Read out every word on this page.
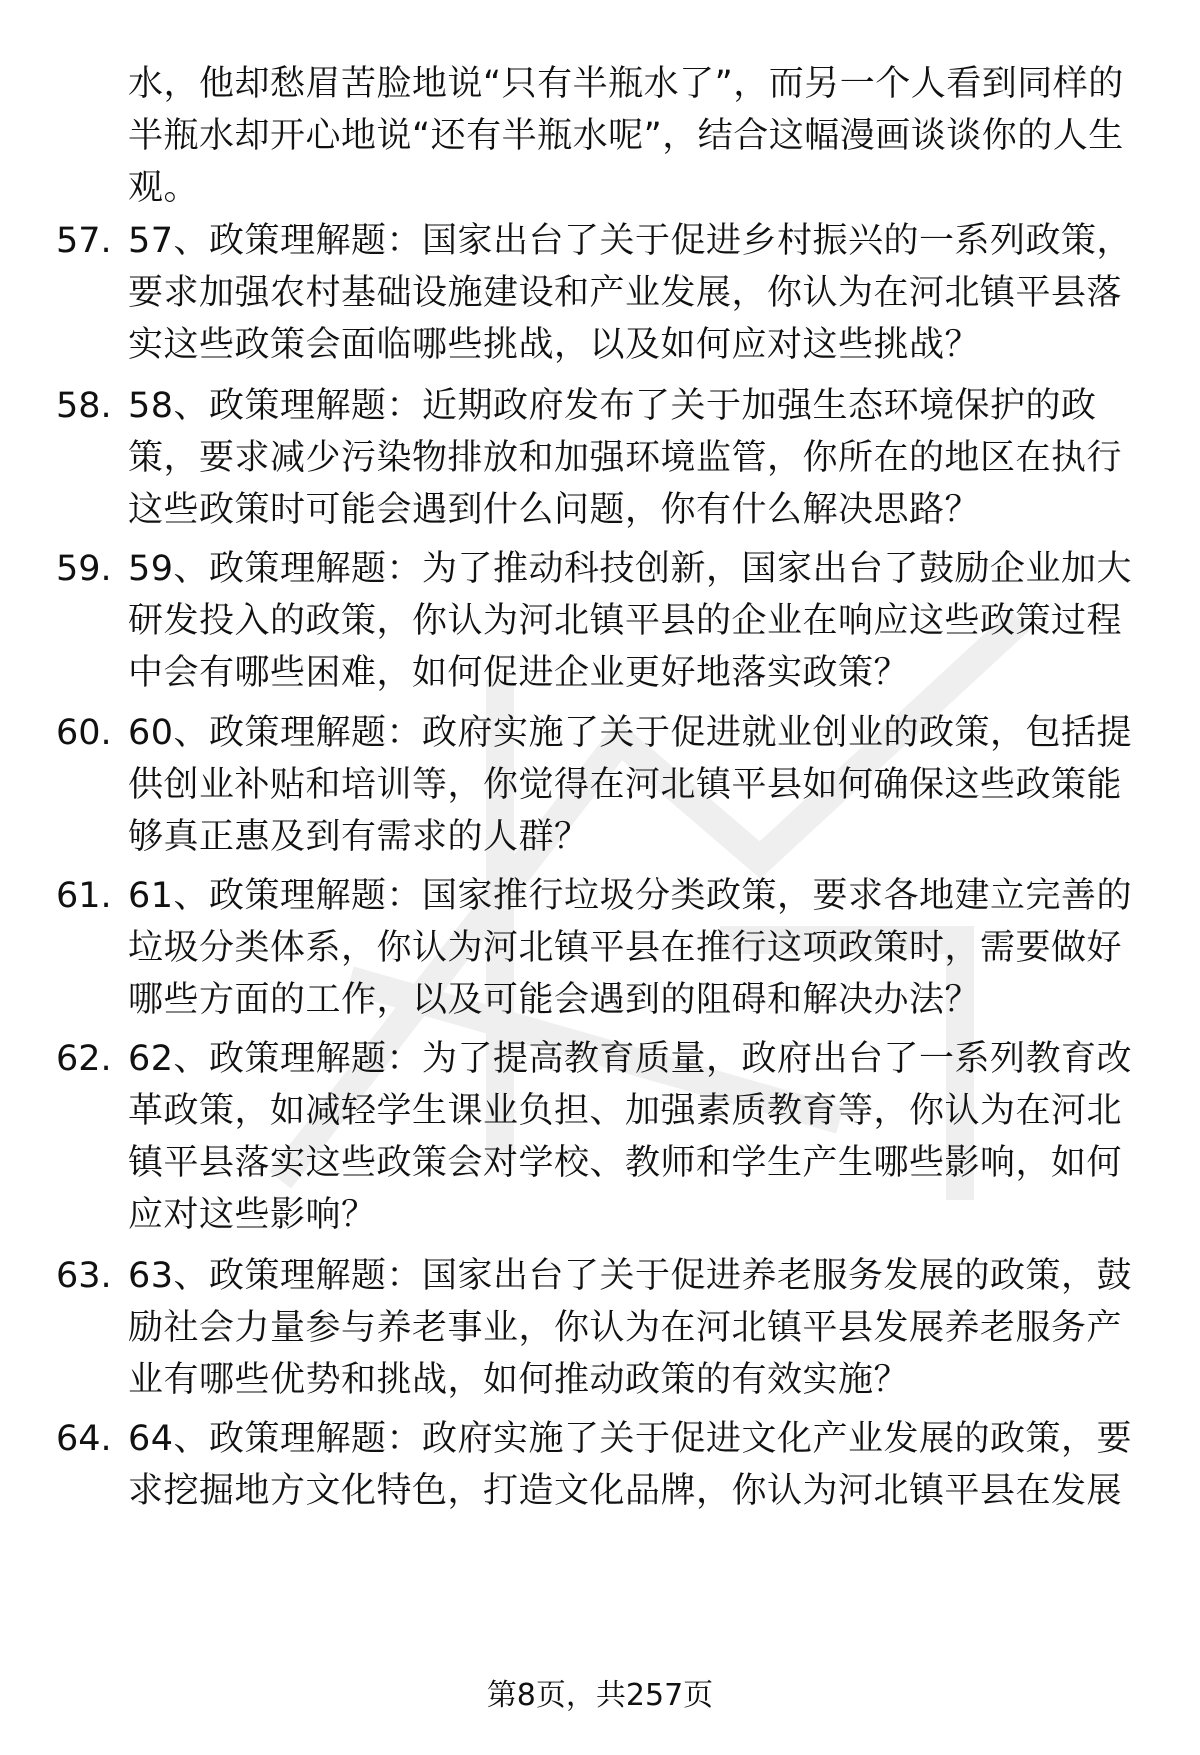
水，他却愁眉苦脸地说“只有半瓶水了”，而另一个人看到同样的半瓶水却开心地说“还有半瓶水呢”，结合这幅漫画谈谈你的人生观。
57. 57、政策理解题：国家出台了关于促进乡村振兴的一系列政策，要求加强农村基础设施建设和产业发展，你认为在河北镇平县落实这些政策会面临哪些挑战，以及如何应对这些挑战？
58. 58、政策理解题：近期政府发布了关于加强生态环境保护的政策，要求减少污染物排放和加强环境监管，你所在的地区在执行这些政策时可能会遇到什么问题，你有什么解决思路？
59. 59、政策理解题：为了推动科技创新，国家出台了鼓励企业加大研发投入的政策，你认为河北镇平县的企业在响应这些政策过程中会有哪些困难，如何促进企业更好地落实政策？
60. 60、政策理解题：政府实施了关于促进就业创业的政策，包括提供创业补贴和培训等，你觉得在河北镇平县如何确保这些政策能够真正惠及到有需求的人群？
61. 61、政策理解题：国家推行垃圾分类政策，要求各地建立完善的垃圾分类体系，你认为河北镇平县在推行这项政策时，需要做好哪些方面的工作，以及可能会遇到的阻碍和解决办法？
62. 62、政策理解题：为了提高教育质量，政府出台了一系列教育改革政策，如减轻学生课业负担、加强素质教育等，你认为在河北镇平县落实这些政策会对学校、教师和学生产生哪些影响，如何应对这些影响？
63. 63、政策理解题：国家出台了关于促进养老服务发展的政策，鼓励社会力量参与养老事业，你认为在河北镇平县发展养老服务产业有哪些优势和挑战，如何推动政策的有效实施？
64. 64、政策理解题：政府实施了关于促进文化产业发展的政策，要求挖掘地方文化特色，打造文化品牌，你认为河北镇平县在发展
第8页，共257页
